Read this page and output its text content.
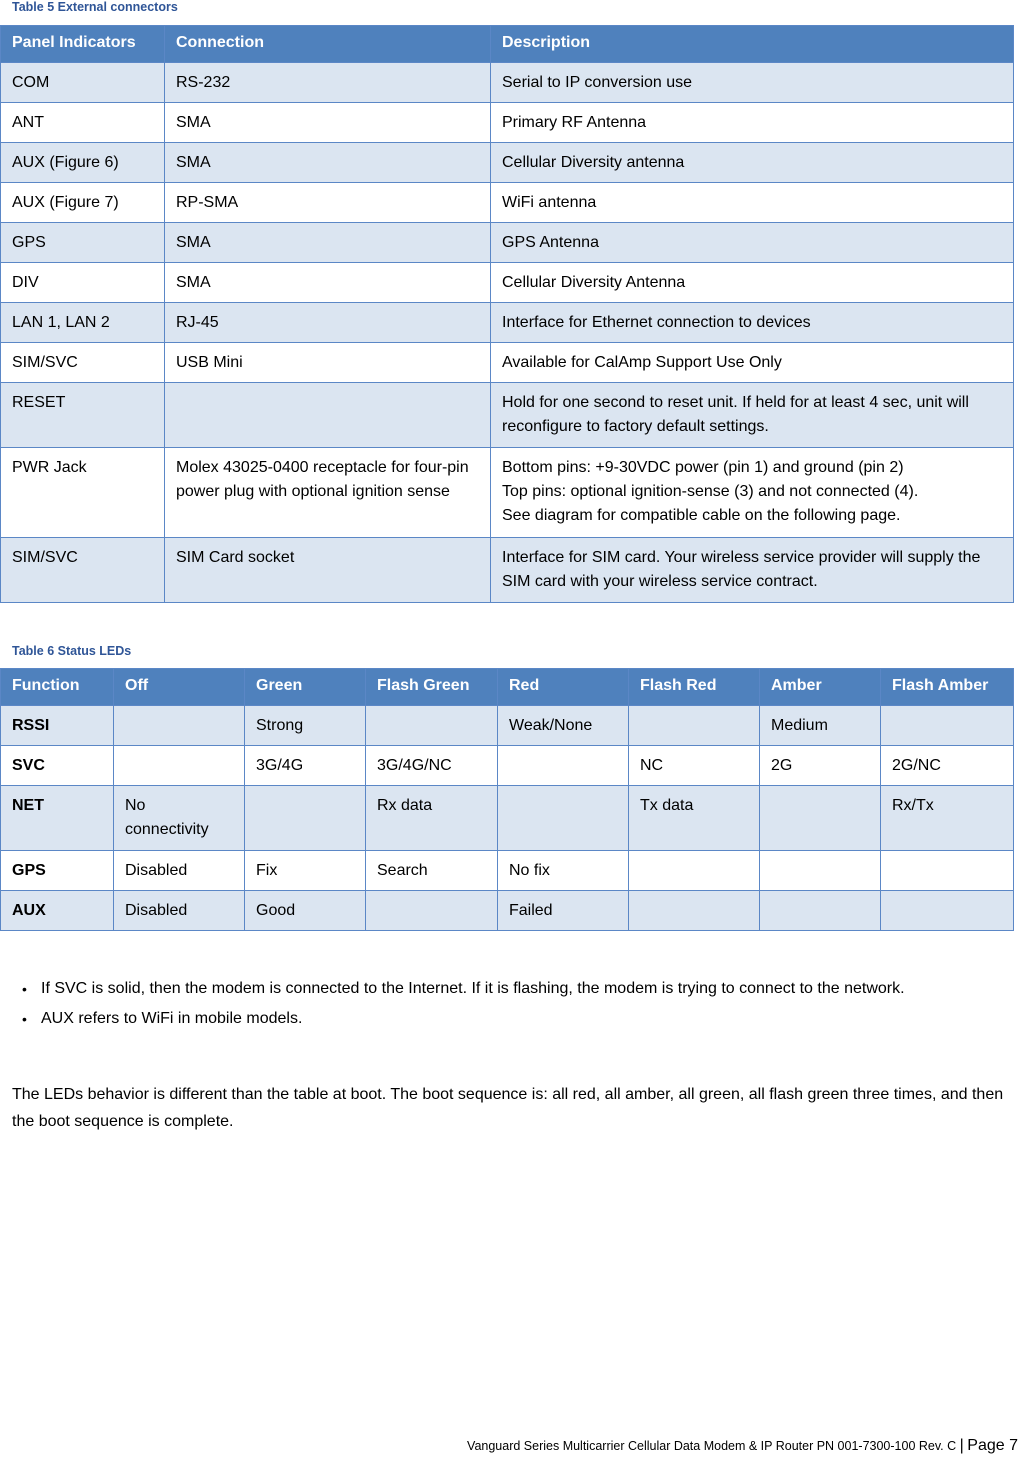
Table 5 External connectors
Panel Indicators	Connection	Description
COM	RS-232	Serial to IP conversion use
ANT	SMA	Primary RF Antenna
AUX (Figure 6)	SMA	Cellular Diversity antenna
AUX (Figure 7)	RP-SMA	WiFi antenna
GPS	SMA	GPS Antenna
DIV	SMA	Cellular Diversity Antenna
LAN 1, LAN 2	RJ-45	Interface for Ethernet connection to devices
SIM/SVC	USB Mini	Available for CalAmp Support Use Only
RESET		Hold for one second to reset unit. If held for at least 4 sec, unit will reconfigure to factory default settings.
PWR Jack	Molex 43025-0400 receptacle for four-pin power plug with optional ignition sense	Bottom pins: +9-30VDC power (pin 1) and ground (pin 2)
Top pins: optional ignition-sense (3) and not connected (4).
See diagram for compatible cable on the following page.
SIM/SVC	SIM Card socket	Interface for SIM card. Your wireless service provider will supply the SIM card with your wireless service contract.
Table 6 Status LEDs
Function	Off	Green	Flash Green	Red	Flash Red	Amber	Flash Amber
RSSI		Strong		Weak/None		Medium	
SVC		3G/4G	3G/4G/NC		NC	2G	2G/NC
NET	No connectivity		Rx data		Tx data		Rx/Tx
GPS	Disabled	Fix	Search	No fix			
AUX	Disabled	Good		Failed			
• If SVC is solid, then the modem is connected to the Internet. If it is flashing, the modem is trying to connect to the network.
• AUX refers to WiFi in mobile models.

The LEDs behavior is different than the table at boot. The boot sequence is: all red, all amber, all green, all flash green three times, and then the boot sequence is complete.

Vanguard Series Multicarrier Cellular Data Modem & IP Router PN 001-7300-100 Rev. C | Page 7
